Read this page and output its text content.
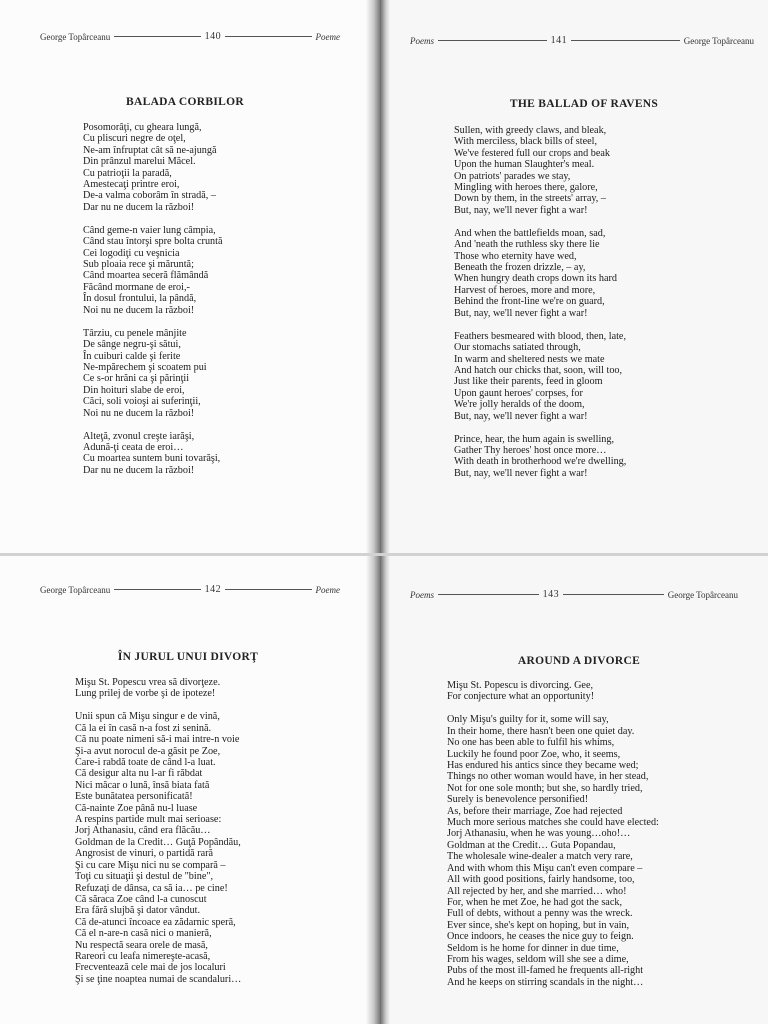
George Topârceanu	140	Poeme
BALADA CORBILOR
Posomorâţi, cu gheara lungă,
Cu pliscuri negre de oţel,
Ne-am înfruptat cât să ne-ajungă
Din prânzul marelui Măcel.
Cu patrioţii la paradă,
Amestecaţi printre eroi,
De-a valma coborâm în stradă, –
Dar nu ne ducem la război!
Când geme-n vaier lung câmpia,
Când stau întorşi spre bolta cruntă
Cei logodiţi cu veşnicia
Sub ploaia rece şi măruntă;
Când moartea seceră flămândă
Făcând mormane de eroi,-
În dosul frontului, la pândă,
Noi nu ne ducem la război!
Târziu, cu penele mânjite
De sânge negru-şi sătui,
În cuiburi calde şi ferite
Ne-mpărechem şi scoatem pui
Ce s-or hrăni ca şi părinţii
Din hoituri slabe de eroi,
Căci, soli voioşi ai suferinţii,
Noi nu ne ducem la război!
Alteţă, zvonul creşte iarăşi,
Adună-ţi ceata de eroi…
Cu moartea suntem buni tovarăşi,
Dar nu ne ducem la război!
Poems	141	George Topârceanu
THE BALLAD OF RAVENS
Sullen, with greedy claws, and bleak,
With merciless, black bills of steel,
We've festered full our crops and beak
Upon the human Slaughter's meal.
On patriots' parades we stay,
Mingling with heroes there, galore,
Down by them, in the streets' array, –
But, nay, we'll never fight a war!
And when the battlefields moan, sad,
And 'neath the ruthless sky there lie
Those who eternity have wed,
Beneath the frozen drizzle, – ay,
When hungry death crops down its hard
Harvest of heroes, more and more,
Behind the front-line we're on guard,
But, nay, we'll never fight a war!
Feathers besmeared with blood, then, late,
Our stomachs satiated through,
In warm and sheltered nests we mate
And hatch our chicks that, soon, will too,
Just like their parents, feed in gloom
Upon gaunt heroes' corpses, for
We're jolly heralds of the doom,
But, nay, we'll never fight a war!
Prince, hear, the hum again is swelling,
Gather Thy heroes' host once more…
With death in brotherhood we're dwelling,
But, nay, we'll never fight a war!
George Topârceanu	142	Poeme
ÎN JURUL UNUI DIVORŢ
Mişu St. Popescu vrea să divorţeze.
Lung prilej de vorbe şi de ipoteze!
Unii spun că Mişu singur e de vină,
Că la ei în casă n-a fost zi senină.
Că nu poate nimeni să-i mai intre-n voie
Şi-a avut norocul de-a găsit pe Zoe,
Care-i rabdă toate de când l-a luat.
Că desigur alta nu l-ar fi răbdat
Nici măcar o lună, însă biata fată
Este bunătatea personificată!
Că-nainte Zoe până nu-l luase
A respins partide mult mai serioase:
Jorj Athanasiu, când era flăcău…
Goldman de la Credit… Guţă Popândău,
Angrosist de vinuri, o partidă rară
Şi cu care Mişu nici nu se compară –
Toţi cu situaţii şi destul de "bine",
Refuzaţi de dânsa, ca să ia… pe cine!
Că săraca Zoe când l-a cunoscut
Era fără slujbă şi dator vândut.
Că de-atunci încoace ea zădarnic speră,
Că el n-are-n casă nici o manieră,
Nu respectă seara orele de masă,
Rareori cu leafa nimereşte-acasă,
Frecventează cele mai de jos localuri
Şi se ţine noaptea numai de scandaluri…
Poems	143	George Topârceanu
AROUND A DIVORCE
Mişu St. Popescu is divorcing. Gee,
For conjecture what an opportunity!
Only Mişu's guilty for it, some will say,
In their home, there hasn't been one quiet day.
No one has been able to fulfil his whims,
Luckily he found poor Zoe, who, it seems,
Has endured his antics since they became wed;
Things no other woman would have, in her stead,
Not for one sole month; but she, so hardly tried,
Surely is benevolence personified!
As, before their marriage, Zoe had rejected
Much more serious matches she could have elected:
Jorj Athanasiu, when he was young…oho!…
Goldman at the Credit… Guta Popandau,
The wholesale wine-dealer a match very rare,
And with whom this Mişu can't even compare –
All with good positions, fairly handsome, too,
All rejected by her, and she married… who!
For, when he met Zoe, he had got the sack,
Full of debts, without a penny was the wreck.
Ever since, she's kept on hoping, but in vain,
Once indoors, he ceases the nice guy to feign.
Seldom is he home for dinner in due time,
From his wages, seldom will she see a dime,
Pubs of the most ill-famed he frequents all-right
And he keeps on stirring scandals in the night…
